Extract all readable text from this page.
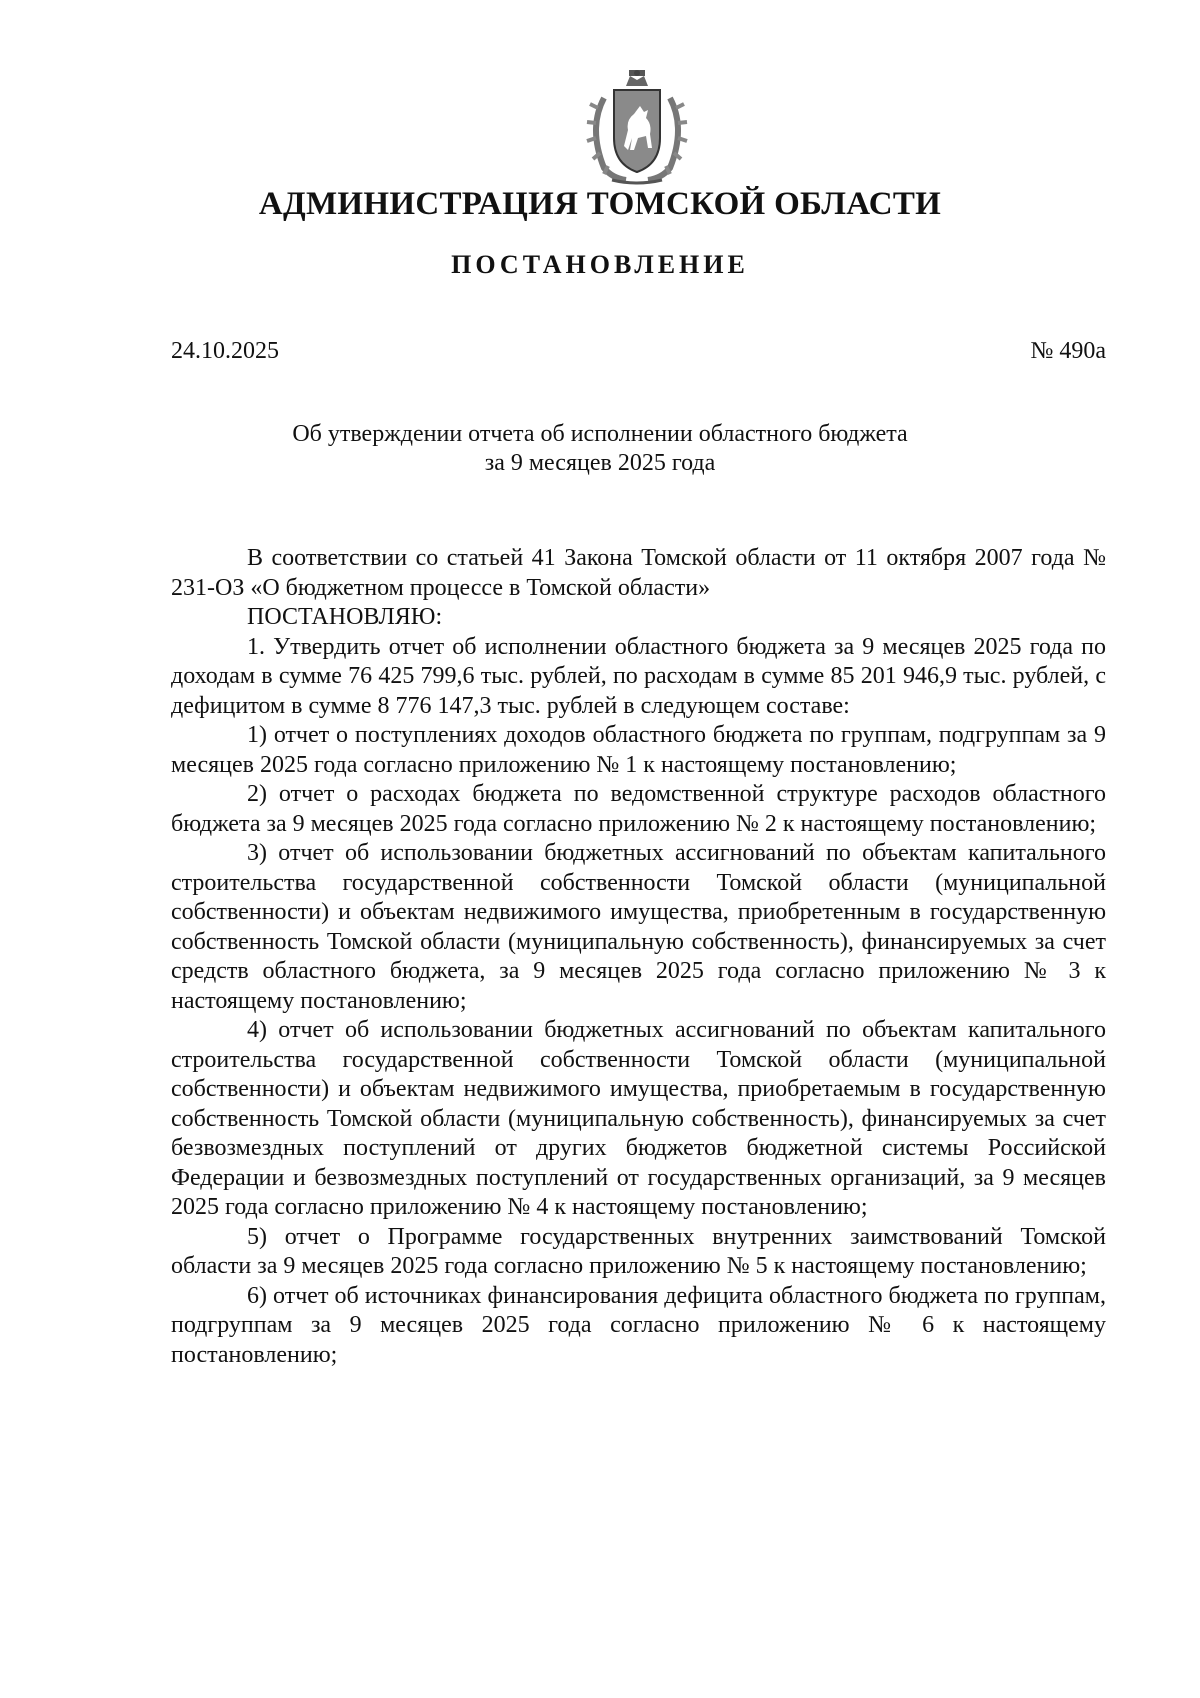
АДМИНИСТРАЦИЯ ТОМСКОЙ ОБЛАСТИ
ПОСТАНОВЛЕНИЕ
24.10.2025	№ 490а
Об утверждении отчета об исполнении областного бюджета
за 9 месяцев 2025 года

В соответствии со статьей 41 Закона Томской области от 11 октября 2007 года № 231-ОЗ «О бюджетном процессе в Томской области»

ПОСТАНОВЛЯЮ:

1. Утвердить отчет об исполнении областного бюджета за 9 месяцев 2025 года по доходам в сумме 76 425 799,6 тыс. рублей, по расходам в сумме 85 201 946,9 тыс. рублей, с дефицитом в сумме 8 776 147,3 тыс. рублей в следующем составе:

1) отчет о поступлениях доходов областного бюджета по группам, подгруппам за 9 месяцев 2025 года согласно приложению № 1 к настоящему постановлению;

2) отчет о расходах бюджета по ведомственной структуре расходов областного бюджета за 9 месяцев 2025 года согласно приложению № 2 к настоящему постановлению;

3) отчет об использовании бюджетных ассигнований по объектам капитального строительства государственной собственности Томской области (муниципальной собственности) и объектам недвижимого имущества, приобретенным в государственную собственность Томской области (муниципальную собственность), финансируемых за счет средств областного бюджета, за 9 месяцев 2025 года согласно приложению № 3 к настоящему постановлению;

4) отчет об использовании бюджетных ассигнований по объектам капитального строительства государственной собственности Томской области (муниципальной собственности) и объектам недвижимого имущества, приобретаемым в государственную собственность Томской области (муниципальную собственность), финансируемых за счет безвозмездных поступлений от других бюджетов бюджетной системы Российской Федерации и безвозмездных поступлений от государственных организаций, за 9 месяцев 2025 года согласно приложению № 4 к настоящему постановлению;

5) отчет о Программе государственных внутренних заимствований Томской области за 9 месяцев 2025 года согласно приложению № 5 к настоящему постановлению;

6) отчет об источниках финансирования дефицита областного бюджета по группам, подгруппам за 9 месяцев 2025 года согласно приложению № 6 к настоящему постановлению;
